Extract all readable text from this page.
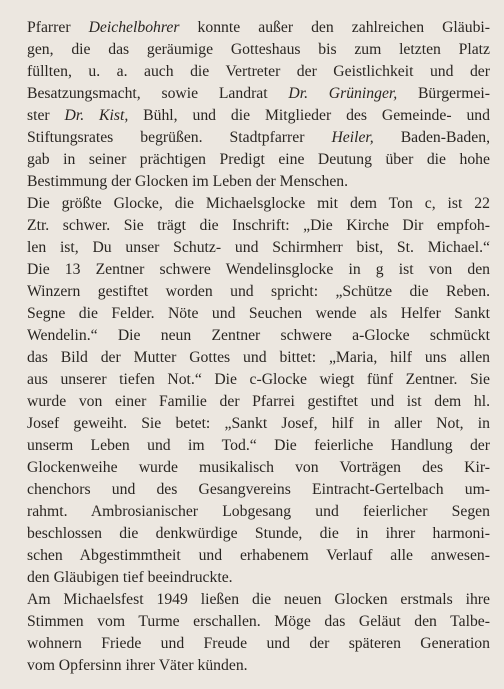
Pfarrer Deichelbohrer konnte außer den zahlreichen Gläubi-
gen, die das geräumige Gotteshaus bis zum letzten Platz
füllten, u. a. auch die Vertreter der Geistlichkeit und der
Besatzungsmacht, sowie Landrat Dr. Grüninger, Bürgermei-
ster Dr. Kist, Bühl, und die Mitglieder des Gemeinde- und
Stiftungsrates begrüßen. Stadtpfarrer Heiler, Baden-Baden,
gab in seiner prächtigen Predigt eine Deutung über die hohe
Bestimmung der Glocken im Leben der Menschen.
Die größte Glocke, die Michaelsglocke mit dem Ton c, ist 22
Ztr. schwer. Sie trägt die Inschrift: „Die Kirche Dir empfoh-
len ist, Du unser Schutz- und Schirmherr bist, St. Michael.“
Die 13 Zentner schwere Wendelinsglocke in g ist von den
Winzern gestiftet worden und spricht: „Schütze die Reben.
Segne die Felder. Nöte und Seuchen wende als Helfer Sankt
Wendelin.“ Die neun Zentner schwere a-Glocke schmückt
das Bild der Mutter Gottes und bittet: „Maria, hilf uns allen
aus unserer tiefen Not.“ Die c-Glocke wiegt fünf Zentner. Sie
wurde von einer Familie der Pfarrei gestiftet und ist dem hl.
Josef geweiht. Sie betet: „Sankt Josef, hilf in aller Not, in
unserm Leben und im Tod.“ Die feierliche Handlung der
Glockenweihe wurde musikalisch von Vorträgen des Kir-
chenchors und des Gesangvereins Eintracht-Gertelbach um-
rahmt. Ambrosianischer Lobgesang und feierlicher Segen
beschlossen die denkwürdige Stunde, die in ihrer harmoni-
schen Abgestimmtheit und erhabenem Verlauf alle anwesen-
den Gläubigen tief beeindruckte.
Am Michaelsfest 1949 ließen die neuen Glocken erstmals ihre
Stimmen vom Turme erschallen. Möge das Geläut den Talbe-
wohnern Friede und Freude und der späteren Generation
vom Opfersinn ihrer Väter künden.
